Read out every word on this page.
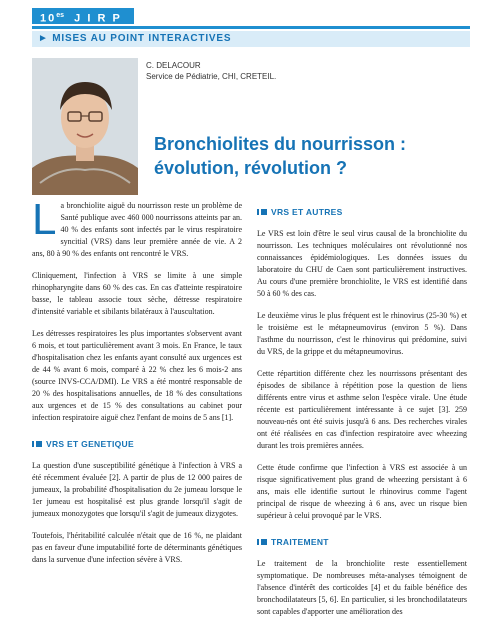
$10^{es}$ J I R P
► MISES AU POINT INTERACTIVES
C. DELACOUR
Service de Pédiatrie, CHI, CRETEIL.
Bronchiolites du nourrisson :
évolution, révolution ?

La bronchiolite aiguë du nourrisson reste un problème de Santé publique avec 460 000 nourrissons atteints par an. 40 % des enfants sont infectés par le virus respiratoire syncitial (VRS) dans leur première année de vie. A 2 ans, 80 à 90 % des enfants ont rencontré le VRS.

Cliniquement, l'infection à VRS se limite à une simple rhinopharyngite dans 60 % des cas. En cas d'atteinte respiratoire basse, le tableau associe toux sèche, détresse respiratoire d'intensité variable et sibilants bilatéraux à l'auscultation.

Les détresses respiratoires les plus importantes s'observent avant 6 mois, et tout particulièrement avant 3 mois. En France, le taux d'hospitalisation chez les enfants ayant consulté aux urgences est de 44 % avant 6 mois, comparé à 22 % chez les 6 mois-2 ans (source INVS-CCA/DMI). Le VRS a été montré responsable de 20 % des hospitalisations annuelles, de 18 % des consultations aux urgences et de 15 % des consultations au cabinet pour infection respiratoire aiguë chez l'enfant de moins de 5 ans [1].

VRS ET GENETIQUE

La question d'une susceptibilité génétique à l'infection à VRS a été récemment évaluée [2]. A partir de plus de 12 000 paires de jumeaux, la probabilité d'hospitalisation du 2e jumeau lorsque le 1er jumeau est hospitalisé est plus grande lorsqu'il s'agit de jumeaux monozygotes que lorsqu'il s'agit de jumeaux dizygotes.

Toutefois, l'héritabilité calculée n'était que de 16 %, ne plaidant pas en faveur d'une imputabilité forte de déterminants génétiques dans la survenue d'une infection sévère à VRS.

VRS ET AUTRES

Le VRS est loin d'être le seul virus causal de la bronchiolite du nourrisson. Les techniques moléculaires ont révolutionné nos connaissances épidémiologiques. Les données issues du laboratoire du CHU de Caen sont particulièrement instructives. Au cours d'une première bronchiolite, le VRS est identifié dans 50 à 60 % des cas.

Le deuxième virus le plus fréquent est le rhinovirus (25-30 %) et le troisième est le métapneumovirus (environ 5 %). Dans l'asthme du nourrisson, c'est le rhinovirus qui prédomine, suivi du VRS, de la grippe et du métapneumovirus.

Cette répartition différente chez les nourrissons présentant des épisodes de sibilance à répétition pose la question de liens différents entre virus et asthme selon l'espèce virale. Une étude récente est particulièrement intéressante à ce sujet [3]. 259 nouveau-nés ont été suivis jusqu'à 6 ans. Des recherches virales ont été réalisées en cas d'infection respiratoire avec wheezing durant les trois premières années.

Cette étude confirme que l'infection à VRS est associée à un risque significativement plus grand de wheezing persistant à 6 ans, mais elle identifie surtout le rhinovirus comme l'agent principal de risque de wheezing à 6 ans, avec un risque bien supérieur à celui provoqué par le VRS.

TRAITEMENT

Le traitement de la bronchiolite reste essentiellement symptomatique. De nombreuses méta-analyses témoignent de l'absence d'intérêt des corticoïdes [4] et du faible bénéfice des bronchodilatateurs [5, 6]. En particulier, si les bronchodilatateurs sont capables d'apporter une amélioration des
